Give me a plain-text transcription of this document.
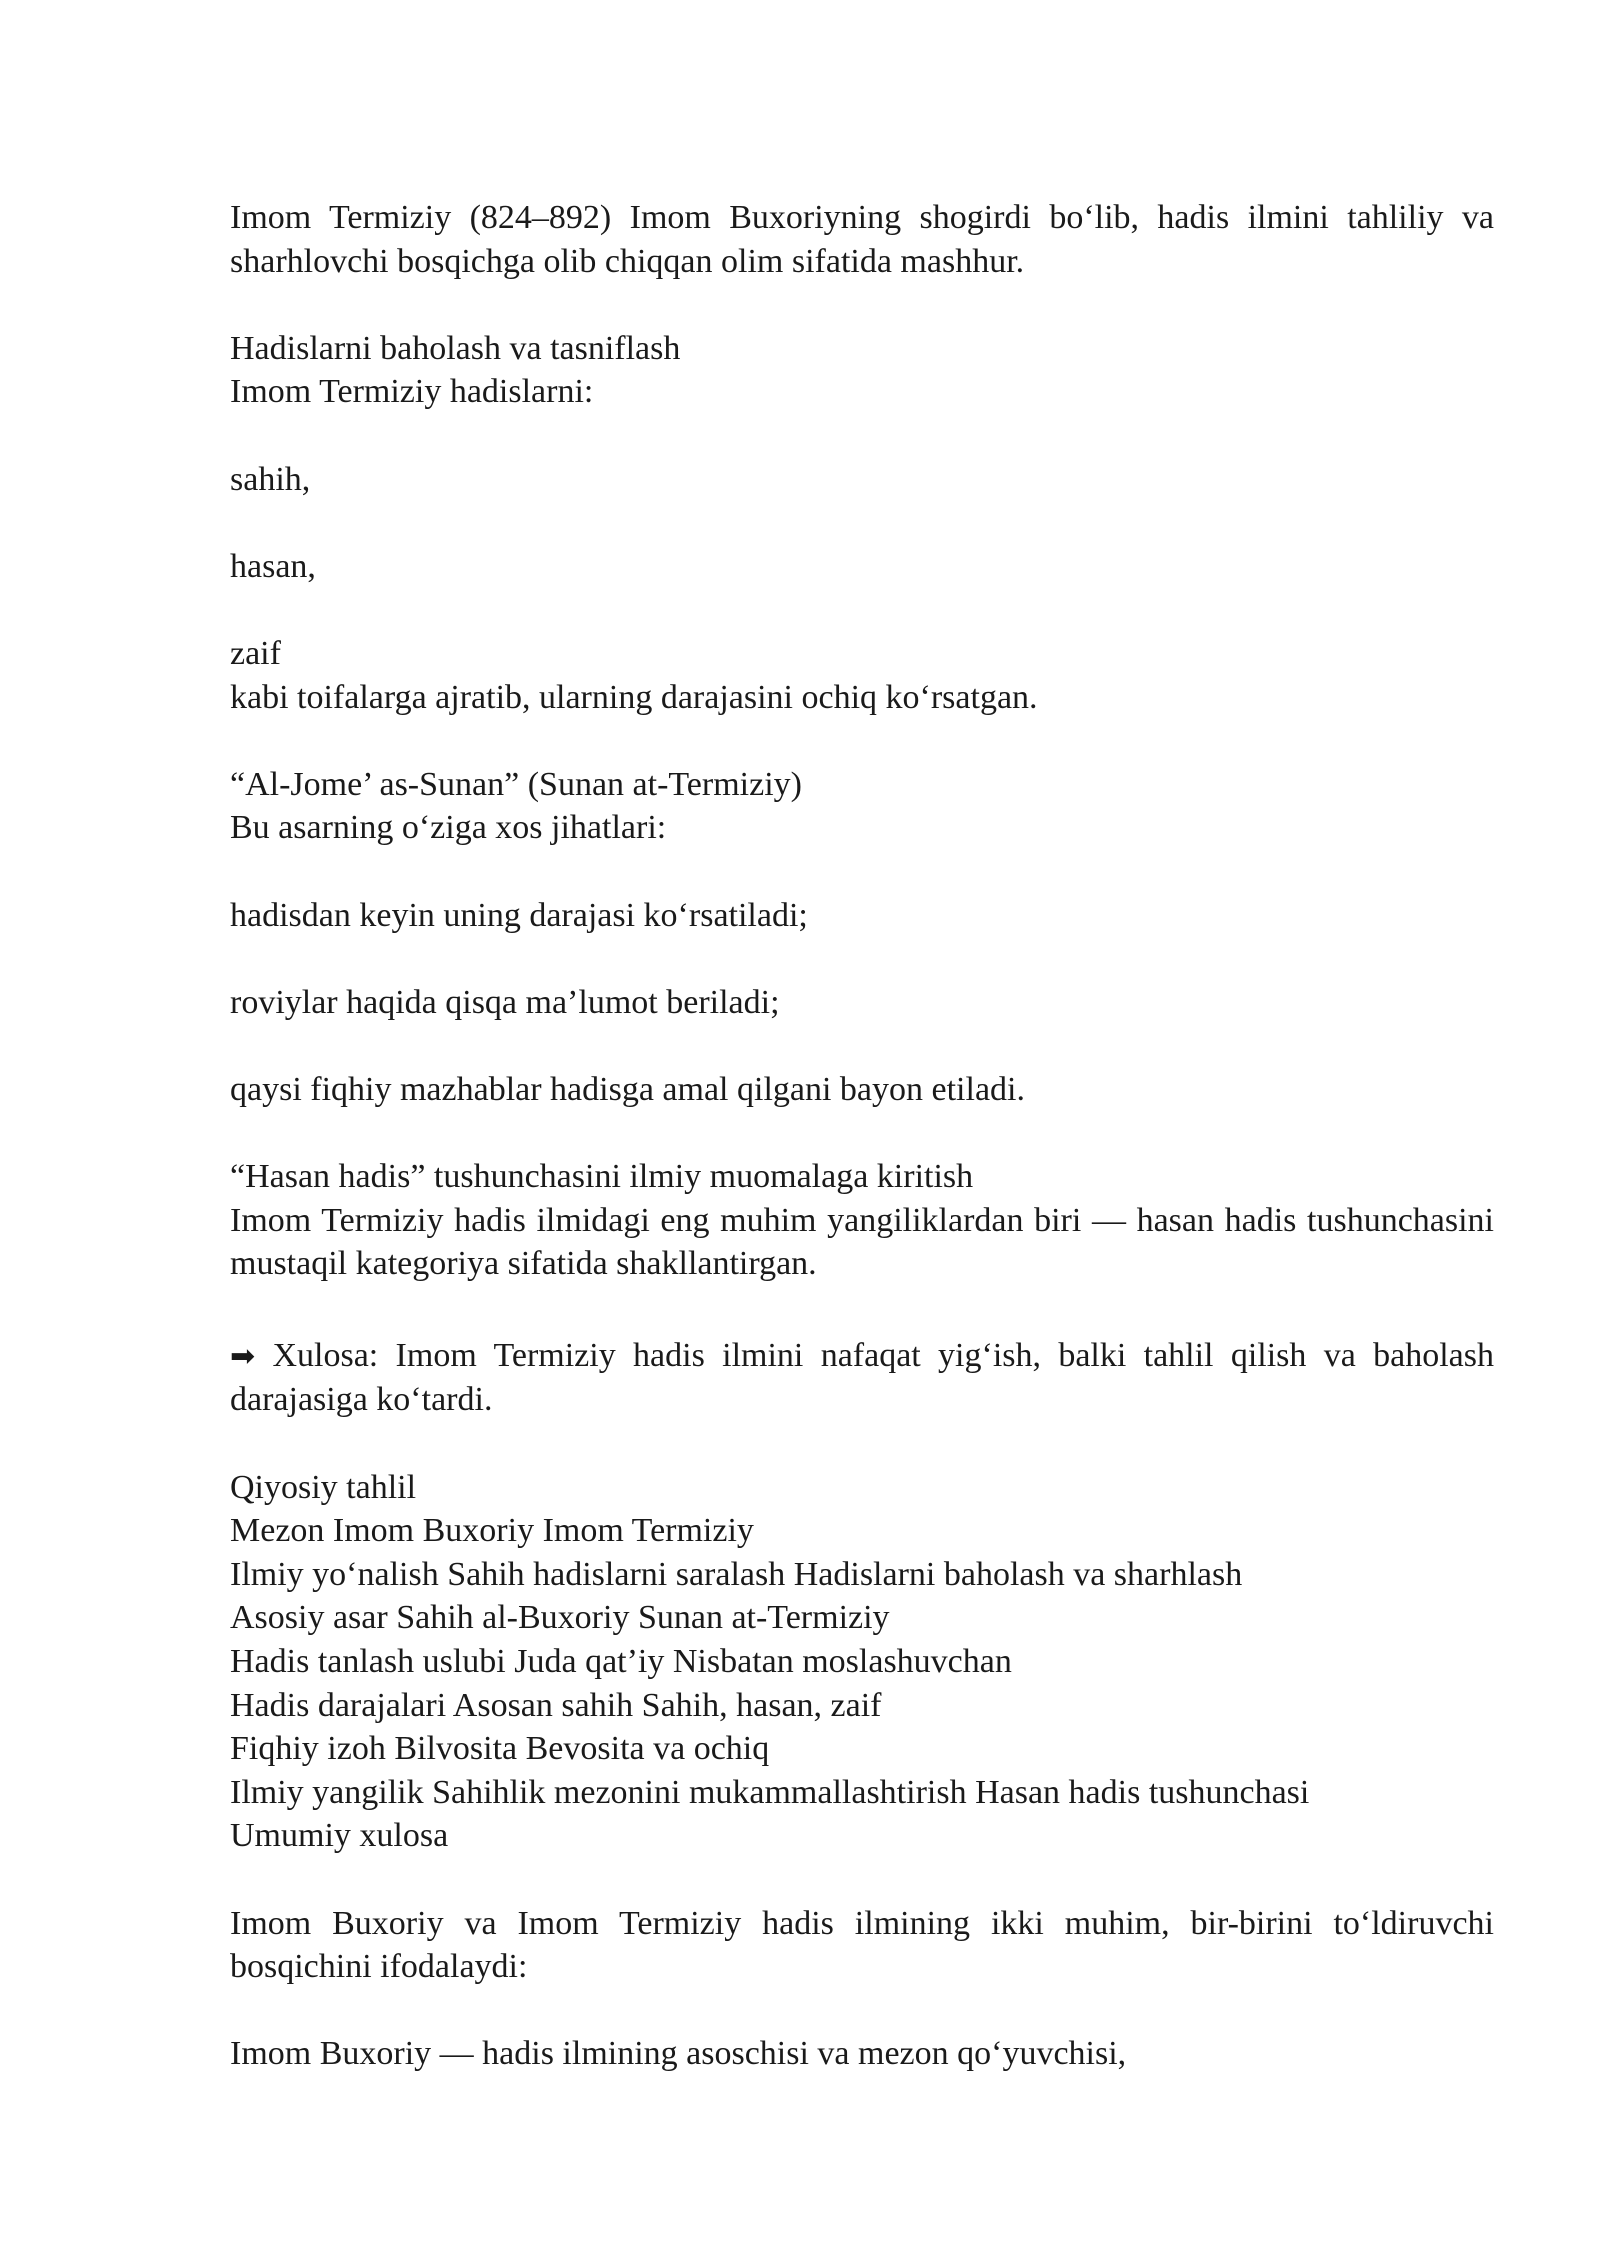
Imom Termiziy (824–892) Imom Buxoriyning shogirdi bo‘lib, hadis ilmini tahliliy va sharhlovchi bosqichga olib chiqqan olim sifatida mashhur.

Hadislarni baholash va tasniflash

Imom Termiziy hadislarni:

sahih,

hasan,

zaif

kabi toifalarga ajratib, ularning darajasini ochiq ko‘rsatgan.

“Al-Jome’ as-Sunan” (Sunan at-Termiziy)

Bu asarning o‘ziga xos jihatlari:

hadisdan keyin uning darajasi ko‘rsatiladi;

roviylar haqida qisqa ma’lumot beriladi;

qaysi fiqhiy mazhablar hadisga amal qilgani bayon etiladi.

“Hasan hadis” tushunchasini ilmiy muomalaga kiritish

Imom Termiziy hadis ilmidagi eng muhim yangiliklardan biri — hasan hadis tushunchasini mustaqil kategoriya sifatida shakllantirgan.

➡ Xulosa: Imom Termiziy hadis ilmini nafaqat yig‘ish, balki tahlil qilish va baholash darajasiga ko‘tardi.

Qiyosiy tahlil

Mezon Imom Buxoriy Imom Termiziy

Ilmiy yo‘nalish Sahih hadislarni saralash Hadislarni baholash va sharhlash

Asosiy asar Sahih al-Buxoriy Sunan at-Termiziy

Hadis tanlash uslubi Juda qat’iy Nisbatan moslashuvchan

Hadis darajalari Asosan sahih Sahih, hasan, zaif

Fiqhiy izoh Bilvosita Bevosita va ochiq

Ilmiy yangilik Sahihlik mezonini mukammallashtirish Hasan hadis tushunchasi

Umumiy xulosa

Imom Buxoriy va Imom Termiziy hadis ilmining ikki muhim, bir-birini to‘ldiruvchi bosqichini ifodalaydi:

Imom Buxoriy — hadis ilmining asoschisi va mezon qo‘yuvchisi,
